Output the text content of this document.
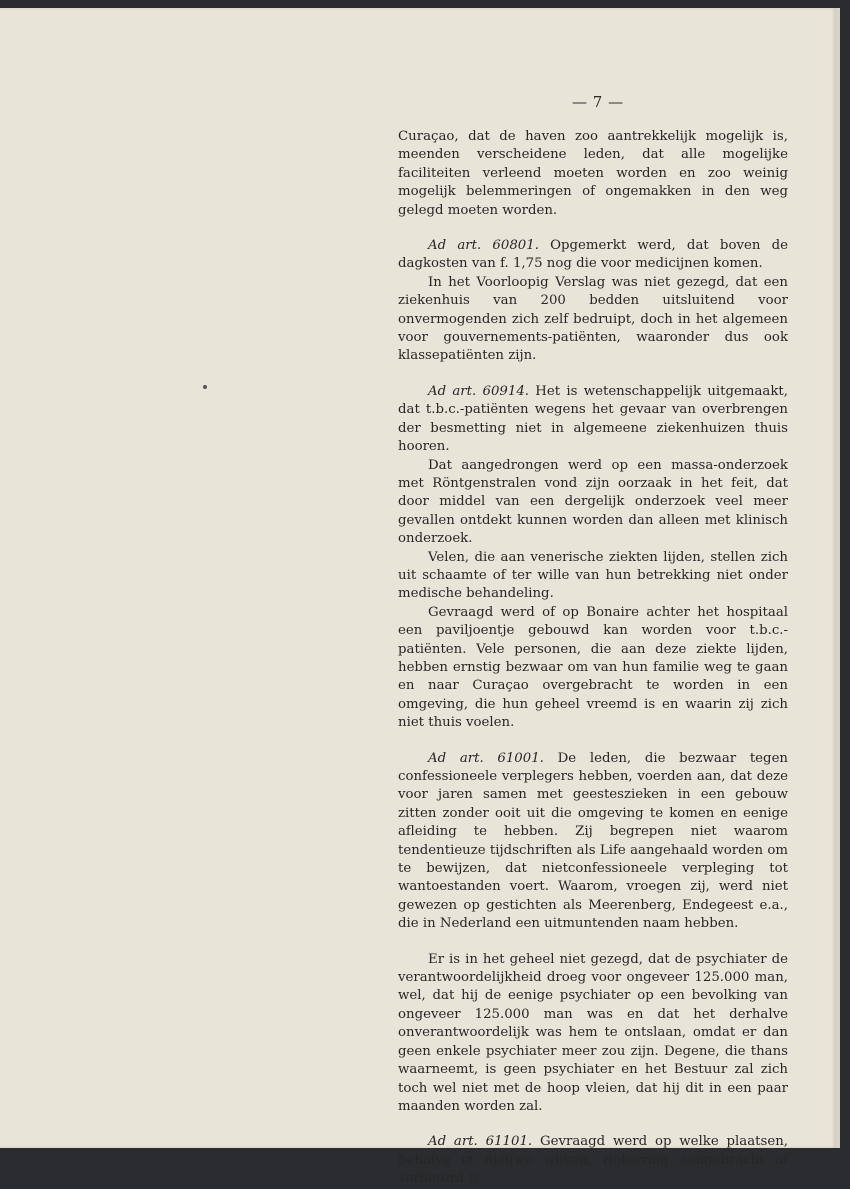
— 7 —

Curaçao, dat de haven zoo aantrekkelijk mogelijk is, meenden verscheidene leden, dat alle mogelijke faciliteiten verleend moeten worden en zoo weinig mogelijk belemmeringen of ongemakken in den weg gelegd moeten worden.

Ad art. 60801. Opgemerkt werd, dat boven de dagkosten van f. 1,75 nog die voor medicijnen komen.

In het Voorloopig Verslag was niet gezegd, dat een ziekenhuis van 200 bedden uitsluitend voor onvermogenden zich zelf bedruipt, doch in het algemeen voor gouvernements-patiënten, waaronder dus ook klassepatiënten zijn.

Ad art. 60914. Het is wetenschappelijk uitgemaakt, dat t.b.c.-patiënten wegens het gevaar van overbrengen der besmetting niet in algemeene ziekenhuizen thuis hooren.

Dat aangedrongen werd op een massa-onderzoek met Röntgenstralen vond zijn oorzaak in het feit, dat door middel van een dergelijk onderzoek veel meer gevallen ontdekt kunnen worden dan alleen met klinisch onderzoek.

Velen, die aan venerische ziekten lijden, stellen zich uit schaamte of ter wille van hun betrekking niet onder medische behandeling.

Gevraagd werd of op Bonaire achter het hospitaal een paviljoentje gebouwd kan worden voor t.b.c.-patiënten. Vele personen, die aan deze ziekte lijden, hebben ernstig bezwaar om van hun familie weg te gaan en naar Curaçao overgebracht te worden in een omgeving, die hun geheel vreemd is en waarin zij zich niet thuis voelen.

Ad art. 61001. De leden, die bezwaar tegen confessioneele verplegers hebben, voerden aan, dat deze voor jaren samen met geesteszieken in een gebouw zitten zonder ooit uit die omgeving te komen en eenige afleiding te hebben. Zij begrepen niet waarom tendentieuze tijdschriften als Life aangehaald worden om te bewijzen, dat nietconfessioneele verpleging tot wantoestanden voert. Waarom, vroegen zij, werd niet gewezen op gestichten als Meerenberg, Endegeest e.a., die in Nederland een uitmuntenden naam hebben.

Er is in het geheel niet gezegd, dat de psychiater de verantwoordelijkheid droeg voor ongeveer 125.000 man, wel, dat hij de eenige psychiater op een bevolking van ongeveer 125.000 man was en dat het derhalve onverantwoordelijk was hem te ontslaan, omdat er dan geen enkele psychiater meer zou zijn. Degene, die thans waarneemt, is geen psychiater en het Bestuur zal zich toch wel niet met de hoop vleien, dat hij dit in een paar maanden worden zal.

Ad art. 61101. Gevraagd werd op welke plaatsen, behalve in nieuwe wijken, rioleering aangebracht of verbeterd is.
